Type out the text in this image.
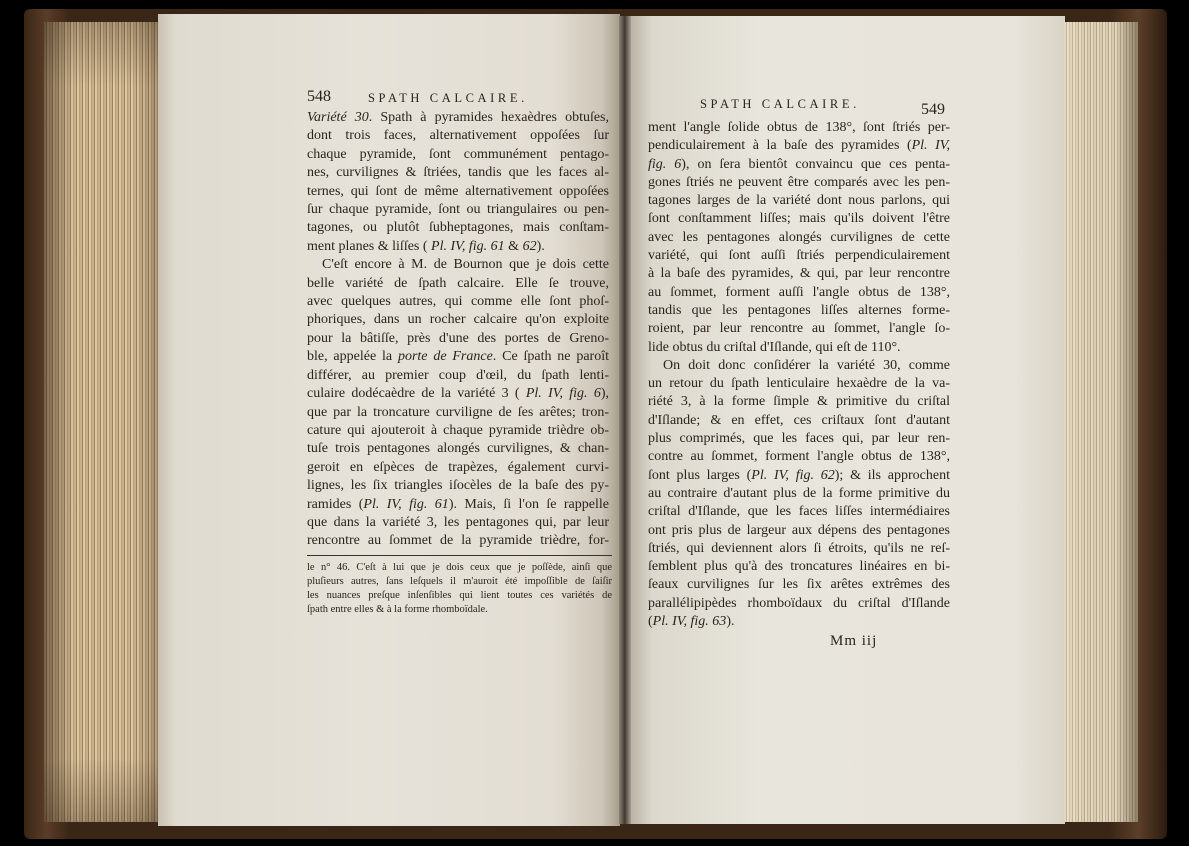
548	SPATH CALCAIRE.
Variété 30. Spath à pyramides hexaèdres obtuſes,
dont trois faces, alternativement oppoſées ſur
chaque pyramide, ſont communément pentago-
nes, curvilignes & ſtriées, tandis que les faces al-
ternes, qui ſont de même alternativement oppoſées
ſur chaque pyramide, ſont ou triangulaires ou pen-
tagones, ou plutôt ſubheptagones, mais conſtam-
ment planes & liſſes ( Pl. IV, fig. 61 & 62).
C'eſt encore à M. de Bournon que je dois cette
belle variété de ſpath calcaire. Elle ſe trouve,
avec quelques autres, qui comme elle ſont phoſ-
phoriques, dans un rocher calcaire qu'on exploite
pour la bâtiſſe, près d'une des portes de Greno-
ble, appelée la porte de France. Ce ſpath ne paroît
différer, au premier coup d'œil, du ſpath lenti-
culaire dodécaèdre de la variété 3 ( Pl. IV, fig. 6),
que par la troncature curviligne de ſes arêtes; tron-
cature qui ajouteroit à chaque pyramide trièdre ob-
tuſe trois pentagones alongés curvilignes, & chan-
geroit en eſpèces de trapèzes, également curvi-
lignes, les ſix triangles iſocèles de la baſe des py-
ramides (Pl. IV, fig. 61). Mais, ſi l'on ſe rappelle
que dans la variété 3, les pentagones qui, par leur
rencontre au ſommet de la pyramide trièdre, for-
le n° 46. C'eſt à lui que je dois ceux que je poſſède, ainſi que
pluſieurs autres, ſans leſquels il m'auroit été impoſſible de ſaiſir
les nuances preſque inſenſibles qui lient toutes ces variétés de
ſpath entre elles & à la forme rhomboïdale.
SPATH CALCAIRE.	549
ment l'angle ſolide obtus de 138°, ſont ſtriés per-
pendiculairement à la baſe des pyramides (Pl. IV,
fig. 6), on ſera bientôt convaincu que ces penta-
gones ſtriés ne peuvent être comparés avec les pen-
tagones larges de la variété dont nous parlons, qui
ſont conſtamment liſſes; mais qu'ils doivent l'être
avec les pentagones alongés curvilignes de cette
variété, qui ſont auſſi ſtriés perpendiculairement
à la baſe des pyramides, & qui, par leur rencontre
au ſommet, forment auſſi l'angle obtus de 138°,
tandis que les pentagones liſſes alternes forme-
roient, par leur rencontre au ſommet, l'angle ſo-
lide obtus du criſtal d'Iſlande, qui eſt de 110°.
On doit donc conſidérer la variété 30, comme
un retour du ſpath lenticulaire hexaèdre de la va-
riété 3, à la forme ſimple & primitive du criſtal
d'Iſlande; & en effet, ces criſtaux ſont d'autant
plus comprimés, que les faces qui, par leur ren-
contre au ſommet, forment l'angle obtus de 138°,
ſont plus larges (Pl. IV, fig. 62); & ils approchent
au contraire d'autant plus de la forme primitive du
criſtal d'Iſlande, que les faces liſſes intermédiaires
ont pris plus de largeur aux dépens des pentagones
ſtriés, qui deviennent alors ſi étroits, qu'ils ne reſ-
ſemblent plus qu'à des troncatures linéaires en bi-
ſeaux curvilignes ſur les ſix arêtes extrêmes des
parallélipipèdes rhomboïdaux du criſtal d'Iſlande
(Pl. IV, fig. 63).
Mm iij
